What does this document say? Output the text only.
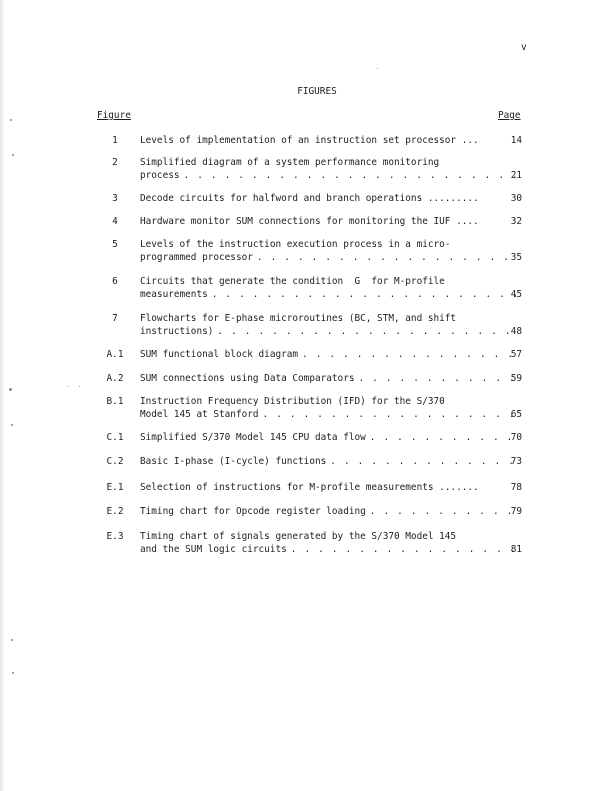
v
FIGURES
Figure	Page
1	Levels of implementation of an instruction set processor ...	14
2	Simplified diagram of a system performance monitoring
process . . .	21
3	Decode circuits for halfword and branch operations .........	30
4	Hardware monitor SUM connections for monitoring the IUF ....	32
5	Levels of the instruction execution process in a micro-
programmed processor . . .	35
6	Circuits that generate the condition  G  for M-profile
measurements . . .	45
7	Flowcharts for E-phase microroutines (BC, STM, and shift
instructions) . . .	48
A.1	SUM functional block diagram . . .	57
A.2	SUM connections using Data Comparators . . .	59
B.1	Instruction Frequency Distribution (IFD) for the S/370
Model 145 at Stanford . . .	65
C.1	Simplified S/370 Model 145 CPU data flow . . .	70
C.2	Basic I-phase (I-cycle) functions . . .	73
E.1	Selection of instructions for M-profile measurements .......	78
E.2	Timing chart for Opcode register loading . . .	79
E.3	Timing chart of signals generated by the S/370 Model 145
and the SUM logic circuits . . .	81
